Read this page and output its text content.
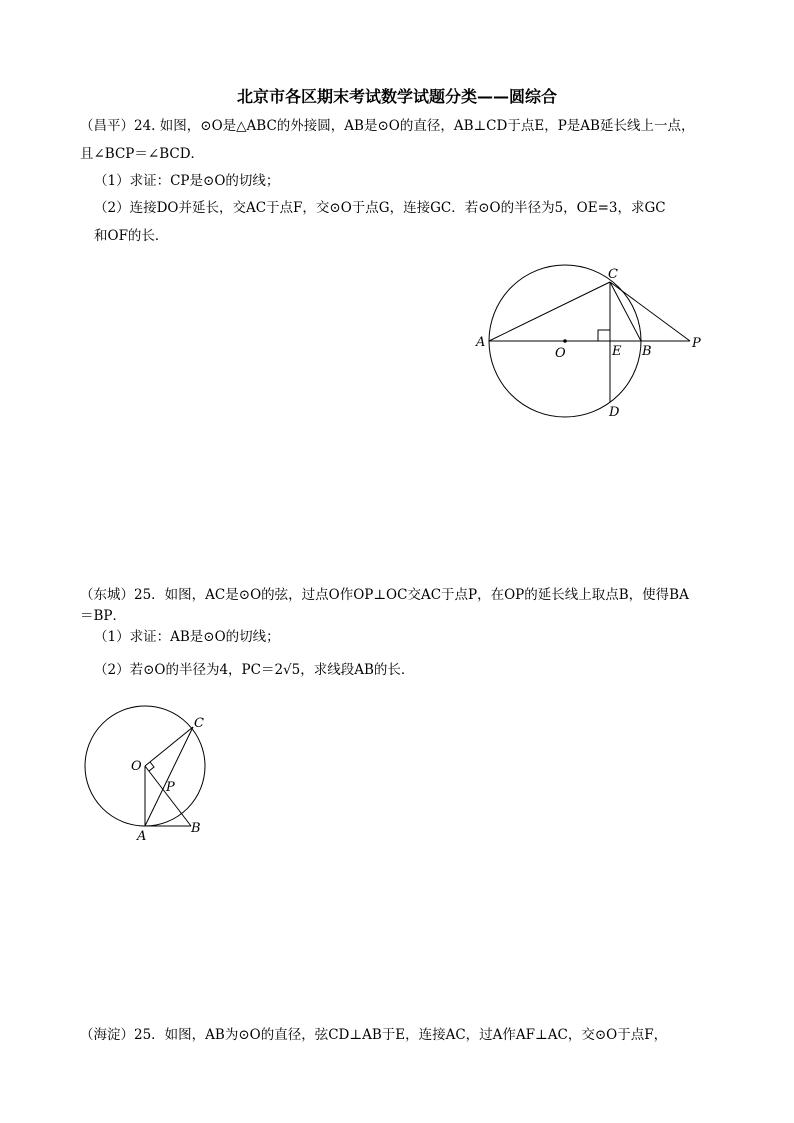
北京市各区期末考试数学试题分类——圆综合
（昌平）24. 如图，⊙O是△ABC的外接圆，AB是⊙O的直径，AB⊥CD于点E，P是AB延长线上一点，
且∠BCP＝∠BCD．
（1）求证：CP是⊙O的切线；
（2）连接DO并延长，交AC于点F，交⊙O于点G，连接GC．若⊙O的半径为5，OE=3，求GC
和OF的长．
A
O	E B
P
C
D
（东城）25．如图，AC是⊙O的弦，过点O作OP⊥OC交AC于点P，在OP的延长线上取点B，使得BA
＝BP．
（1）求证：AB是⊙O的切线；
（2）若⊙O的半径为4，PC＝2√5，求线段AB的长．
C
O
P
A
B
（海淀）25．如图，AB为⊙O的直径，弦CD⊥AB于E，连接AC，过A作AF⊥AC，交⊙O于点F，
